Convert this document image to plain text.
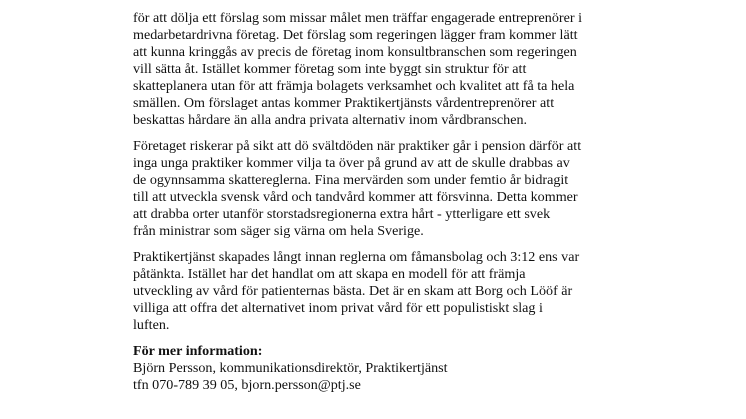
för att dölja ett förslag som missar målet men träffar engagerade entreprenörer i
medarbetardrivna företag. Det förslag som regeringen lägger fram kommer lätt
att kunna kringgås av precis de företag inom konsultbranschen som regeringen
vill sätta åt. Istället kommer företag som inte byggt sin struktur för att
skatteplanera utan för att främja bolagets verksamhet och kvalitet att få ta hela
smällen. Om förslaget antas kommer Praktikertjänsts vårdentreprenörer att
beskattas hårdare än alla andra privata alternativ inom vårdbranschen.
Företaget riskerar på sikt att dö svältdöden när praktiker går i pension därför att
inga unga praktiker kommer vilja ta över på grund av att de skulle drabbas av
de ogynnsamma skattereglerna. Fina mervärden som under femtio år bidragit
till att utveckla svensk vård och tandvård kommer att försvinna. Detta kommer
att drabba orter utanför storstadsregionerna extra hårt - ytterligare ett svek
från ministrar som säger sig värna om hela Sverige.
Praktikertjänst skapades långt innan reglerna om fåmansbolag och 3:12 ens var
påtänkta. Istället har det handlat om att skapa en modell för att främja
utveckling av vård för patienternas bästa. Det är en skam att Borg och Lööf är
villiga att offra det alternativet inom privat vård för ett populistiskt slag i
luften.
För mer information:
Björn Persson, kommunikationsdirektör, Praktikertjänst
tfn 070-789 39 05, bjorn.persson@ptj.se
